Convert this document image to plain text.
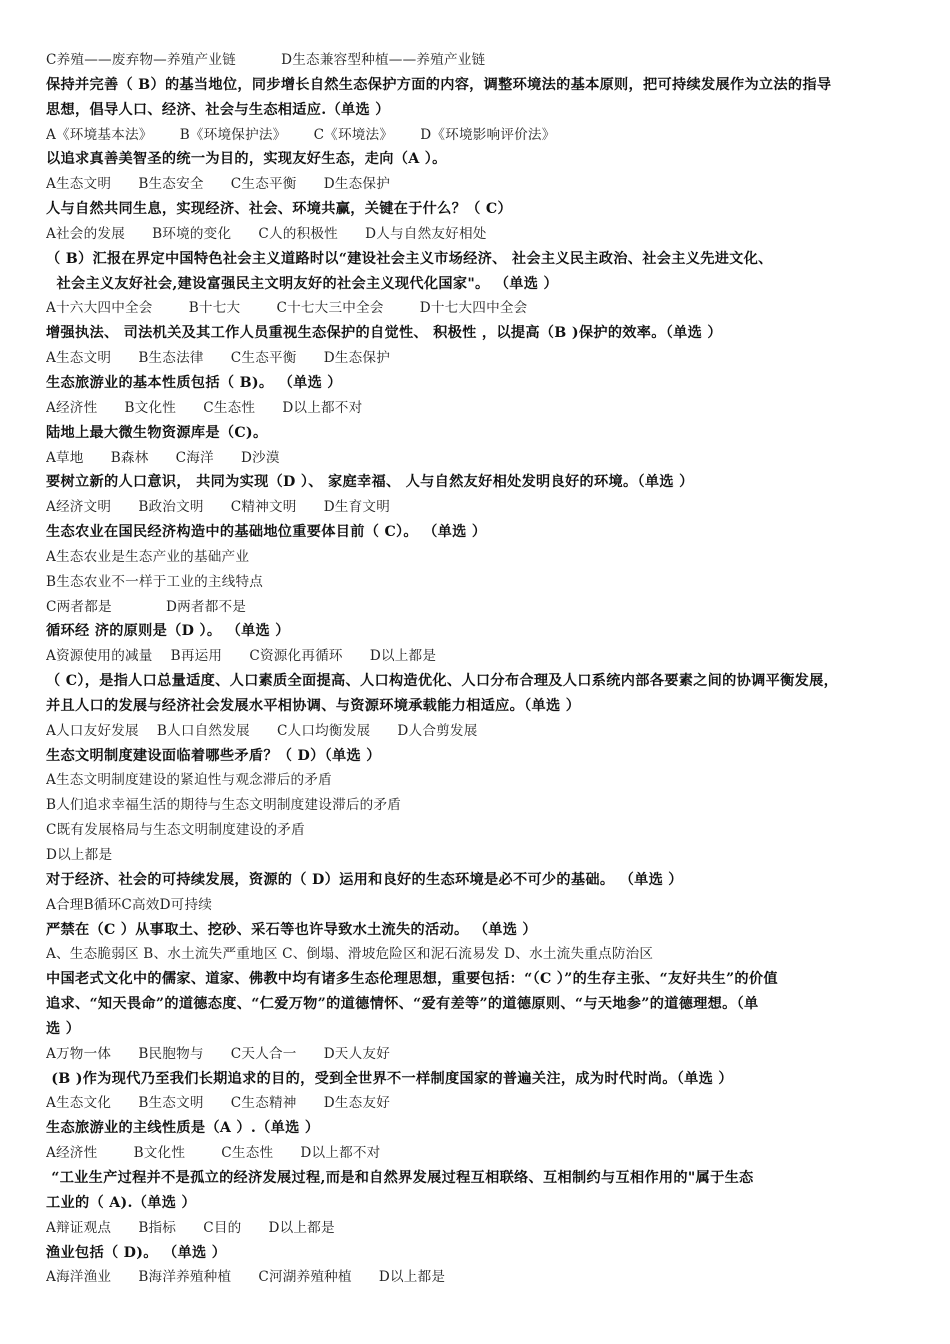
C养殖——废弃物—养殖产业链          D生态兼容型种植——养殖产业链
保持并完善（ B）的基当地位，同步增长自然生态保护方面的内容，调整环境法的基本原则，把可持续发展作为立法的指导
思想，倡导人口、经济、社会与生态相适应.（单选 ）
A《环境基本法》      B《环境保护法》      C《环境法》      D《环境影响评价法》
以追求真善美智圣的统一为目的，实现友好生态，走向（A ）。
A生态文明      B生态安全      C生态平衡      D生态保护
人与自然共同生息，实现经济、社会、环境共赢，关键在于什么？（ C）
A社会的发展      B环境的变化      C人的积极性      D人与自然友好相处
（ B）汇报在界定中国特色社会主义道路时以“建设社会主义市场经济、 社会主义民主政治、社会主义先进文化、
社会主义友好社会,建设富强民主文明友好的社会主义现代化国家"。 （单选 ）
A十六大四中全会        B十七大        C十七大三中全会        D十七大四中全会
增强执法、 司法机关及其工作人员重视生态保护的自觉性、 积极性 ，以提高（B )保护的效率。（单选 ）
A生态文明      B生态法律      C生态平衡      D生态保护
生态旅游业的基本性质包括（ B)。 （单选 ）
A经济性      B文化性      C生态性      D以上都不对
陆地上最大微生物资源库是（C)。
A草地      B森林      C海洋      D沙漠
要树立新的人口意识， 共同为实现（D ）、 家庭幸福、 人与自然友好相处发明良好的环境。（单选 ）
A经济文明      B政治文明      C精神文明      D生育文明
生态农业在国民经济构造中的基础地位重要体目前（ C）。 （单选 ）
A生态农业是生态产业的基础产业
B生态农业不一样于工业的主线特点
C两者都是            D两者都不是
循环经 济的原则是（D ）。 （单选 ）
A资源使用的减量    B再运用      C资源化再循环      D以上都是
（ C），是指人口总量适度、人口素质全面提高、人口构造优化、人口分布合理及人口系统内部各要素之间的协调平衡发展，
并且人口的发展与经济社会发展水平相协调、与资源环境承载能力相适应。（单选 ）
A人口友好发展    B人口自然发展      C人口均衡发展      D人合剪发展
生态文明制度建设面临着哪些矛盾？（ D）（单选 ）
A生态文明制度建设的紧迫性与观念滞后的矛盾
B人们追求幸福生活的期待与生态文明制度建设滞后的矛盾
C既有发展格局与生态文明制度建设的矛盾
D以上都是
对于经济、社会的可持续发展，资源的（ D）运用和良好的生态环境是必不可少的基础。 （单选 ）
A合理B循环C高效D可持续
严禁在（C ）从事取土、挖砂、采石等也许导致水土流失的活动。 （单选 ）
A、生态脆弱区 B、水土流失严重地区 C、倒塌、滑坡危险区和泥石流易发 D、水土流失重点防治区
中国老式文化中的儒家、道家、佛教中均有诸多生态伦理思想，重要包括：“（C ）”的生存主张、“友好共生”的价值
追求、“知天畏命”的道德态度、“仁爱万物”的道德情怀、“爱有差等”的道德原则、“与天地参”的道德理想。（单
选 ）
A万物一体      B民胞物与      C天人合一      D天人友好
(B )作为现代乃至我们长期追求的目的，受到全世界不一样制度国家的普遍关注，成为时代时尚。（单选 ）
A生态文化      B生态文明      C生态精神      D生态友好
生态旅游业的主线性质是（A ）.（单选 ）
A经济性        B文化性        C生态性      D以上都不对
“工业生产过程并不是孤立的经济发展过程,而是和自然界发展过程互相联络、互相制约与互相作用的"属于生态
工业的（ A).（单选 ）
A辩证观点      B指标      C目的      D以上都是
渔业包括（ D)。 （单选 ）
A海洋渔业      B海洋养殖种植      C河湖养殖种植      D以上都是
